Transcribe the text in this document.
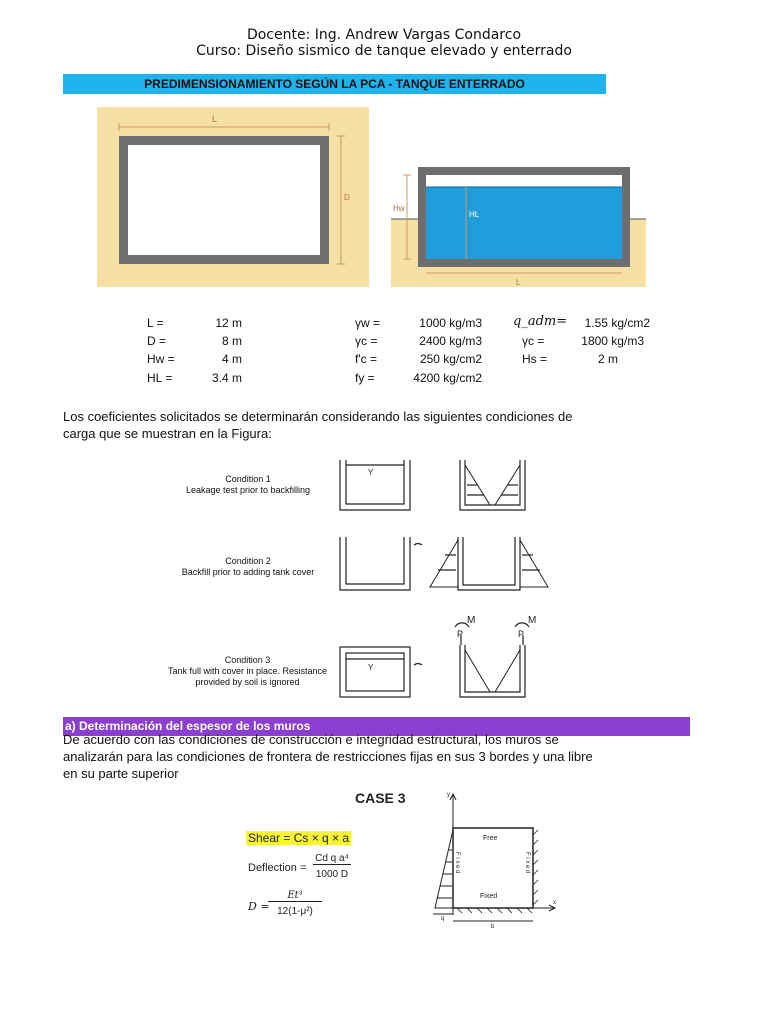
Docente: Ing. Andrew Vargas Condarco
Curso: Diseño sismico de tanque elevado y enterrado
PREDIMENSIONAMIENTO SEGÚN LA PCA - TANQUE ENTERRADO
L
D
Hw
HL
L
L =	12 m
D =	8 m
Hw =	4 m
HL =	3.4 m
γw =	1000 kg/m3
γc =	2400 kg/m3
f'c =	250 kg/cm2
fy =	4200 kg/cm2
q_adm=	1.55 kg/cm2
γc =	1800 kg/m3
Hs =	2 m
Los coeficientes solicitados se determinarán considerando las siguientes condiciones de carga que se muestran en la Figura:
Condition 1
Leakage test prior to backfilling
Condition 2
Backfill prior to adding tank cover
Condition 3
Tank full with cover in place. Resistance provided by soil is ignored
Y
Y
M	M
P	P
a) Determinación del espesor de los muros
De acuerdo con las condiciones de construcción e integridad estructural, los muros se analizarán para las condiciones de frontera de restricciones fijas en sus 3 bordes y una libre en su parte superior
CASE 3
Shear = Cs × q × a
Deflection =
Cd q a⁴
1000 D
D =
Et³
12(1-μ²)
y
x
Free
Fixed
q
b
F i x e d	F i x e d
